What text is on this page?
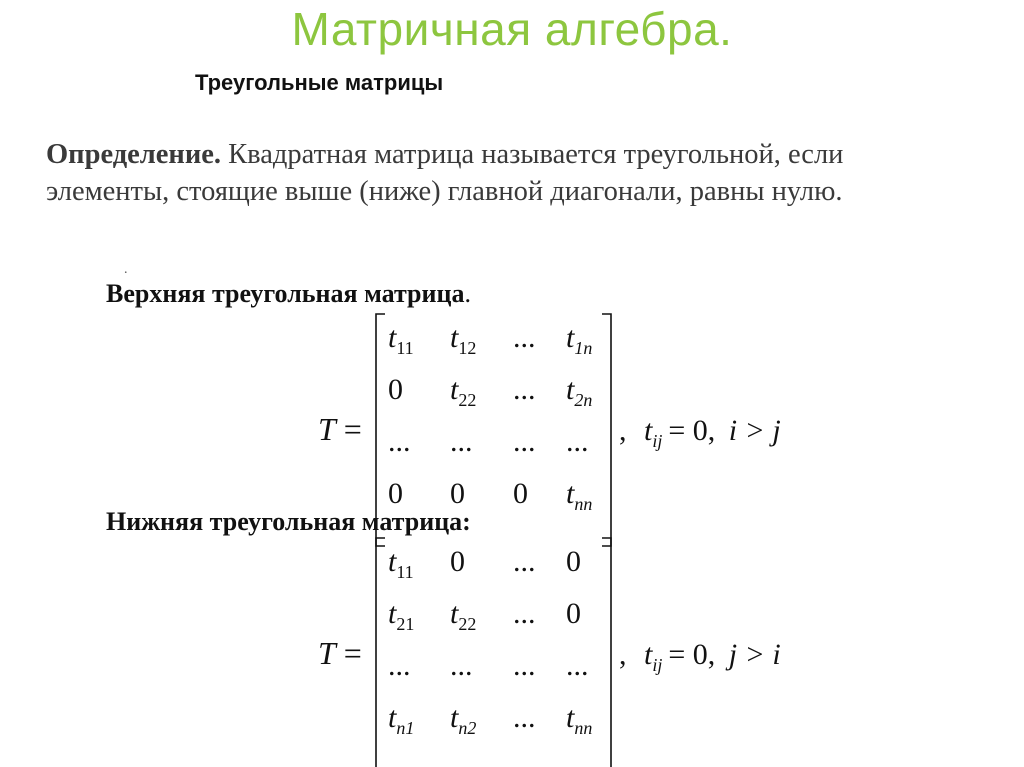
Матричная алгебра.
Треугольные матрицы
Определение. Квадратная матрица называется треугольной, если элементы, стоящие выше (ниже) главной диагонали, равны нулю.
.
Верхняя треугольная матрица.
Нижняя треугольная матрица:
T =
$t_{11}$ $t_{12}$ ... $t_{1n}$
0 $t_{22}$ ... $t_{2n}$
... ... ... ...
0 0 0 $t_{nn}$
, $t_{ij} = 0$, i > j
T =
$t_{11}$ 0 ... 0
$t_{21}$ $t_{22}$ ... 0
... ... ... ...
$t_{n1}$ $t_{n2}$ ... $t_{nn}$
, $t_{ij} = 0$, j > i
